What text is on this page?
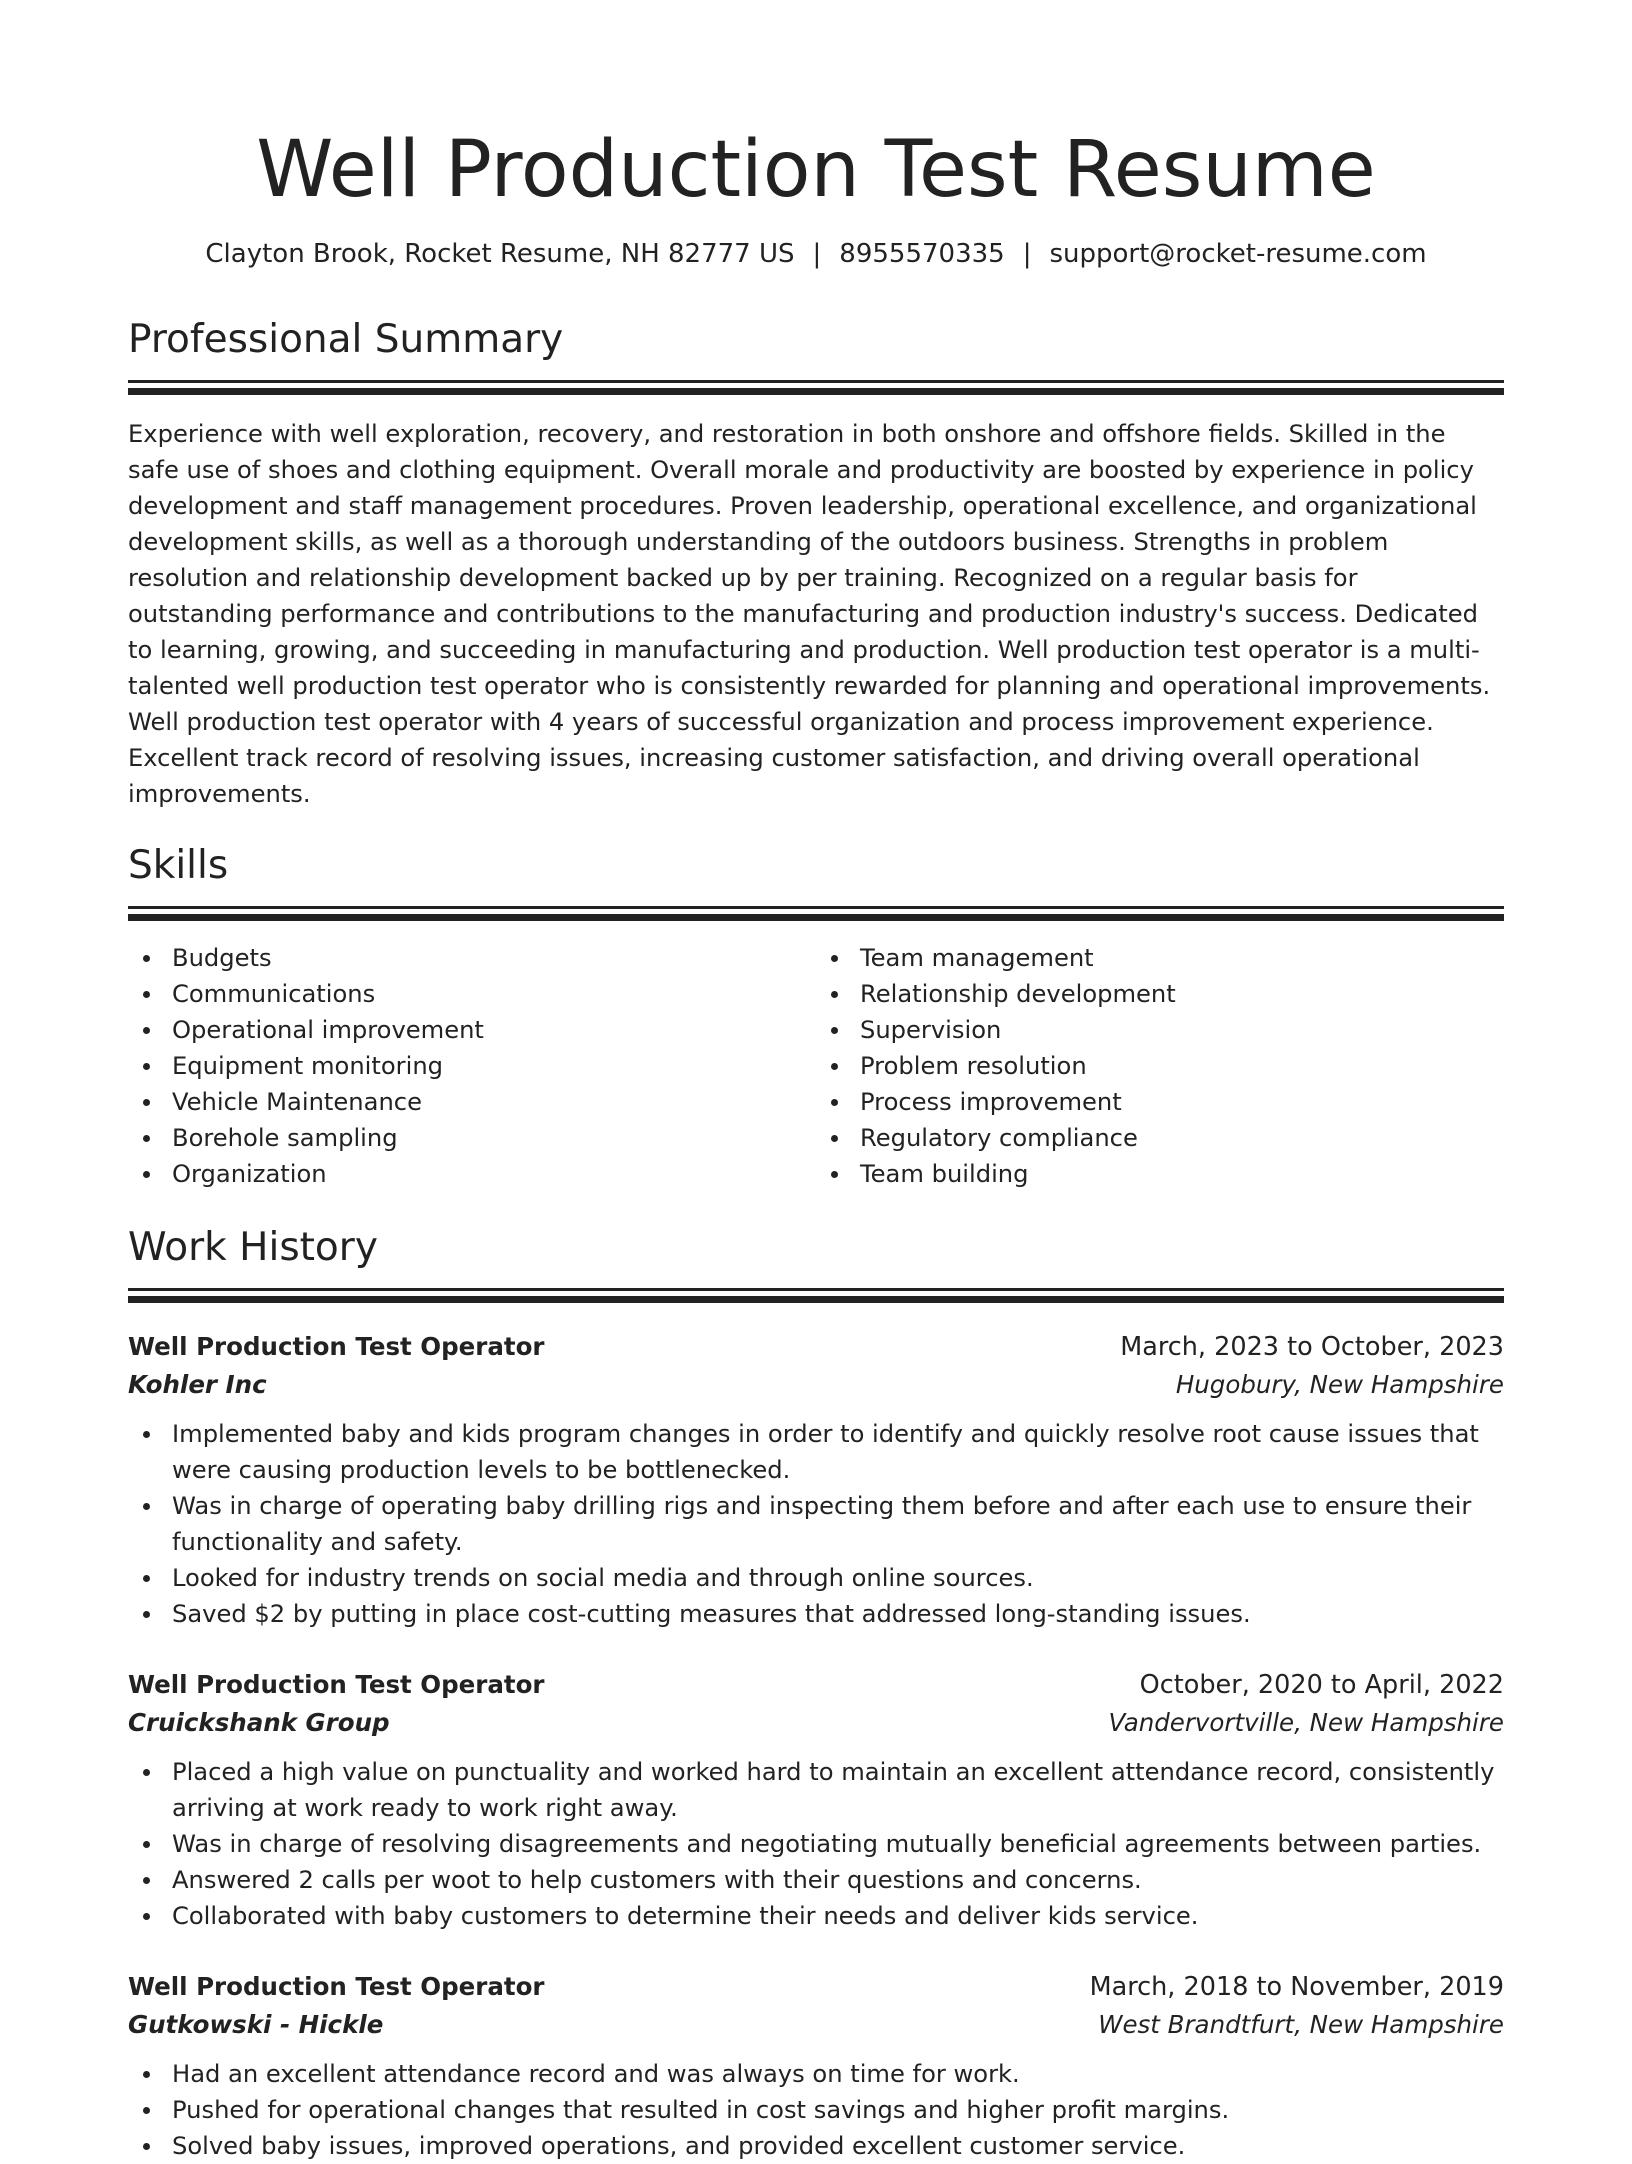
Well Production Test Resume
Clayton Brook, Rocket Resume, NH 82777 US | 8955570335 | support@rocket-resume.com
Professional Summary

Experience with well exploration, recovery, and restoration in both onshore and offshore fields. Skilled in the safe use of shoes and clothing equipment. Overall morale and productivity are boosted by experience in policy development and staff management procedures. Proven leadership, operational excellence, and organizational development skills, as well as a thorough understanding of the outdoors business. Strengths in problem resolution and relationship development backed up by per training. Recognized on a regular basis for outstanding performance and contributions to the manufacturing and production industry's success. Dedicated to learning, growing, and succeeding in manufacturing and production. Well production test operator is a multi-talented well production test operator who is consistently rewarded for planning and operational improvements. Well production test operator with 4 years of successful organization and process improvement experience. Excellent track record of resolving issues, increasing customer satisfaction, and driving overall operational improvements.

Skills
Budgets
Communications
Operational improvement
Equipment monitoring
Vehicle Maintenance
Borehole sampling
Organization
Team management
Relationship development
Supervision
Problem resolution
Process improvement
Regulatory compliance
Team building
Work History
Well Production Test Operator	March, 2023 to October, 2023
Kohler Inc	Hugobury, New Hampshire
Implemented baby and kids program changes in order to identify and quickly resolve root cause issues that were causing production levels to be bottlenecked.
Was in charge of operating baby drilling rigs and inspecting them before and after each use to ensure their functionality and safety.
Looked for industry trends on social media and through online sources.
Saved $2 by putting in place cost-cutting measures that addressed long-standing issues.
Well Production Test Operator	October, 2020 to April, 2022
Cruickshank Group	Vandervortville, New Hampshire
Placed a high value on punctuality and worked hard to maintain an excellent attendance record, consistently arriving at work ready to work right away.
Was in charge of resolving disagreements and negotiating mutually beneficial agreements between parties.
Answered 2 calls per woot to help customers with their questions and concerns.
Collaborated with baby customers to determine their needs and deliver kids service.
Well Production Test Operator	March, 2018 to November, 2019
Gutkowski - Hickle	West Brandtfurt, New Hampshire
Had an excellent attendance record and was always on time for work.
Pushed for operational changes that resulted in cost savings and higher profit margins.
Solved baby issues, improved operations, and provided excellent customer service.
